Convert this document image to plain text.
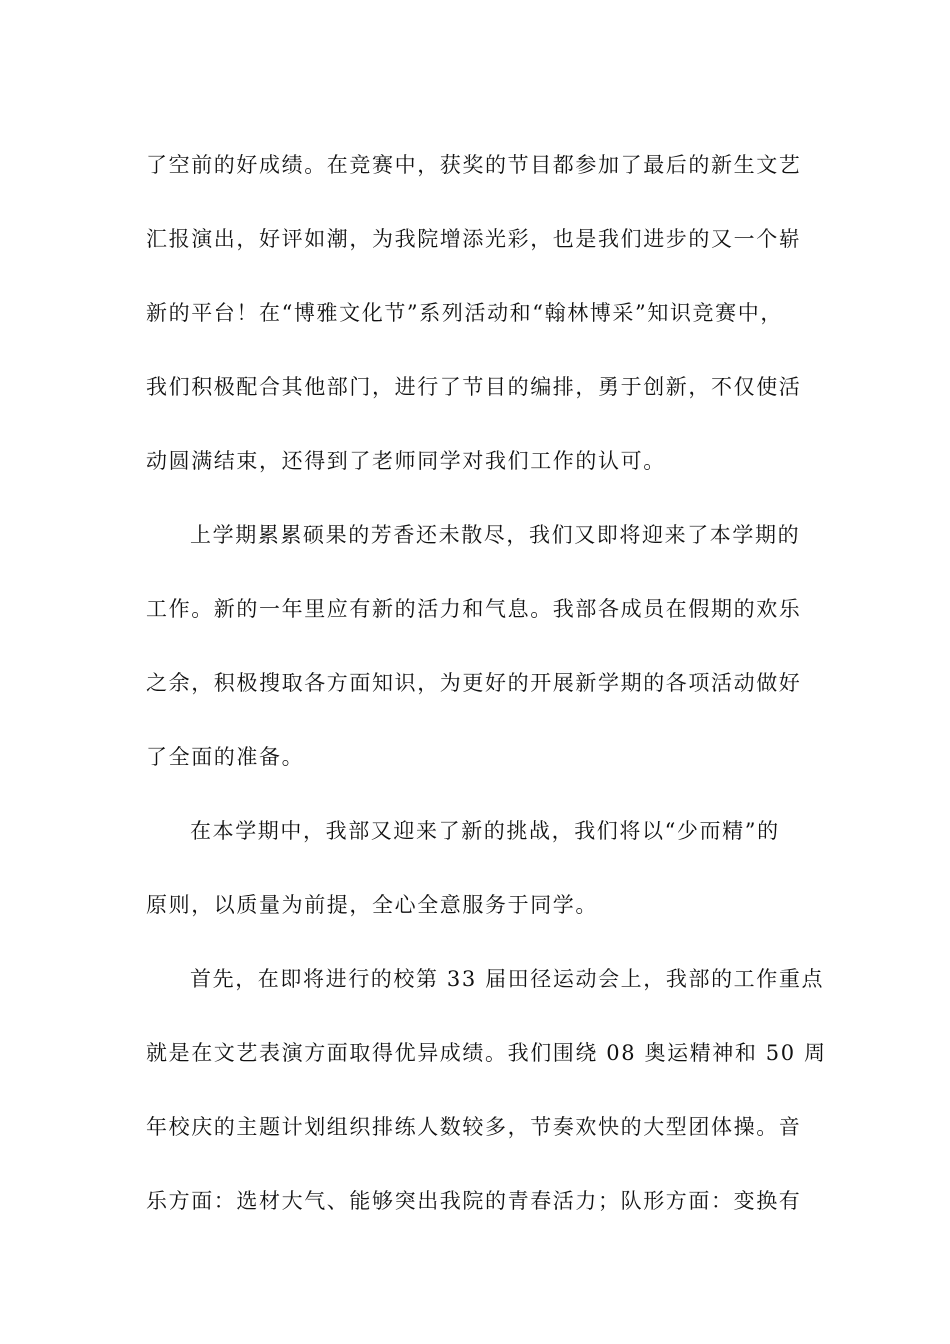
了空前的好成绩。在竞赛中，获奖的节目都参加了最后的新生文艺
汇报演出，好评如潮，为我院增添光彩，也是我们进步的又一个崭
新的平台！在“博雅文化节”系列活动和“翰林博采”知识竞赛中，
我们积极配合其他部门，进行了节目的编排，勇于创新，不仅使活
动圆满结束，还得到了老师同学对我们工作的认可。
上学期累累硕果的芳香还未散尽，我们又即将迎来了本学期的
工作。新的一年里应有新的活力和气息。我部各成员在假期的欢乐
之余，积极搜取各方面知识，为更好的开展新学期的各项活动做好
了全面的准备。
在本学期中，我部又迎来了新的挑战，我们将以“少而精”的
原则，以质量为前提，全心全意服务于同学。
首先，在即将进行的校第 33 届田径运动会上，我部的工作重点
就是在文艺表演方面取得优异成绩。我们围绕 08 奥运精神和 50 周
年校庆的主题计划组织排练人数较多，节奏欢快的大型团体操。音
乐方面：选材大气、能够突出我院的青春活力；队形方面：变换有
